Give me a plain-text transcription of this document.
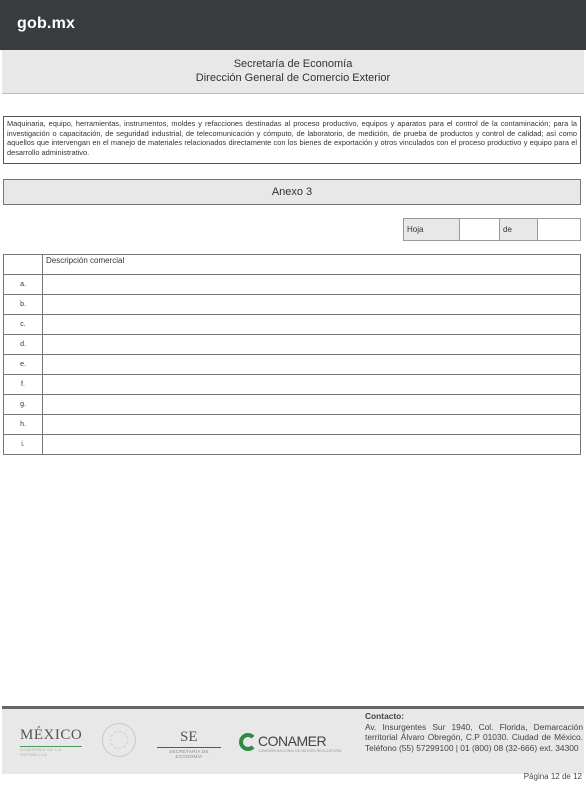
gob.mx
Secretaría de Economía
Dirección General de Comercio Exterior
Maquinaria, equipo, herramientas, instrumentos, moldes y refacciones destinadas al proceso productivo, equipos y aparatos para el control de la contaminación; para la investigación o capacitación, de seguridad industrial, de telecomunicación y cómputo, de laboratorio, de medición, de prueba de productos y control de calidad; así como aquellos que intervengan en el manejo de materiales relacionados directamente con los bienes de exportación y otros vinculados con el proceso productivo y equipo para el desarrollo administrativo.
Anexo 3
Hoja	de
	Descripción comercial
a.	
b.	
c.	
d.	
e.	
f.	
g.	
h.	
i.	
MÉXICO
GOBIERNO DE LA REPÚBLICA
SE
SECRETARÍA DE ECONOMÍA
CONAMER
COMISIÓN NACIONAL DE MEJORA REGULATORIA
Contacto:
Av. Insurgentes Sur 1940, Col. Florida, Demarcación territorial Álvaro Obregón, C.P 01030. Ciudad de México. Teléfono (55) 57299100 | 01 (800) 08 (32-666) ext. 34300
Página 12 de 12
